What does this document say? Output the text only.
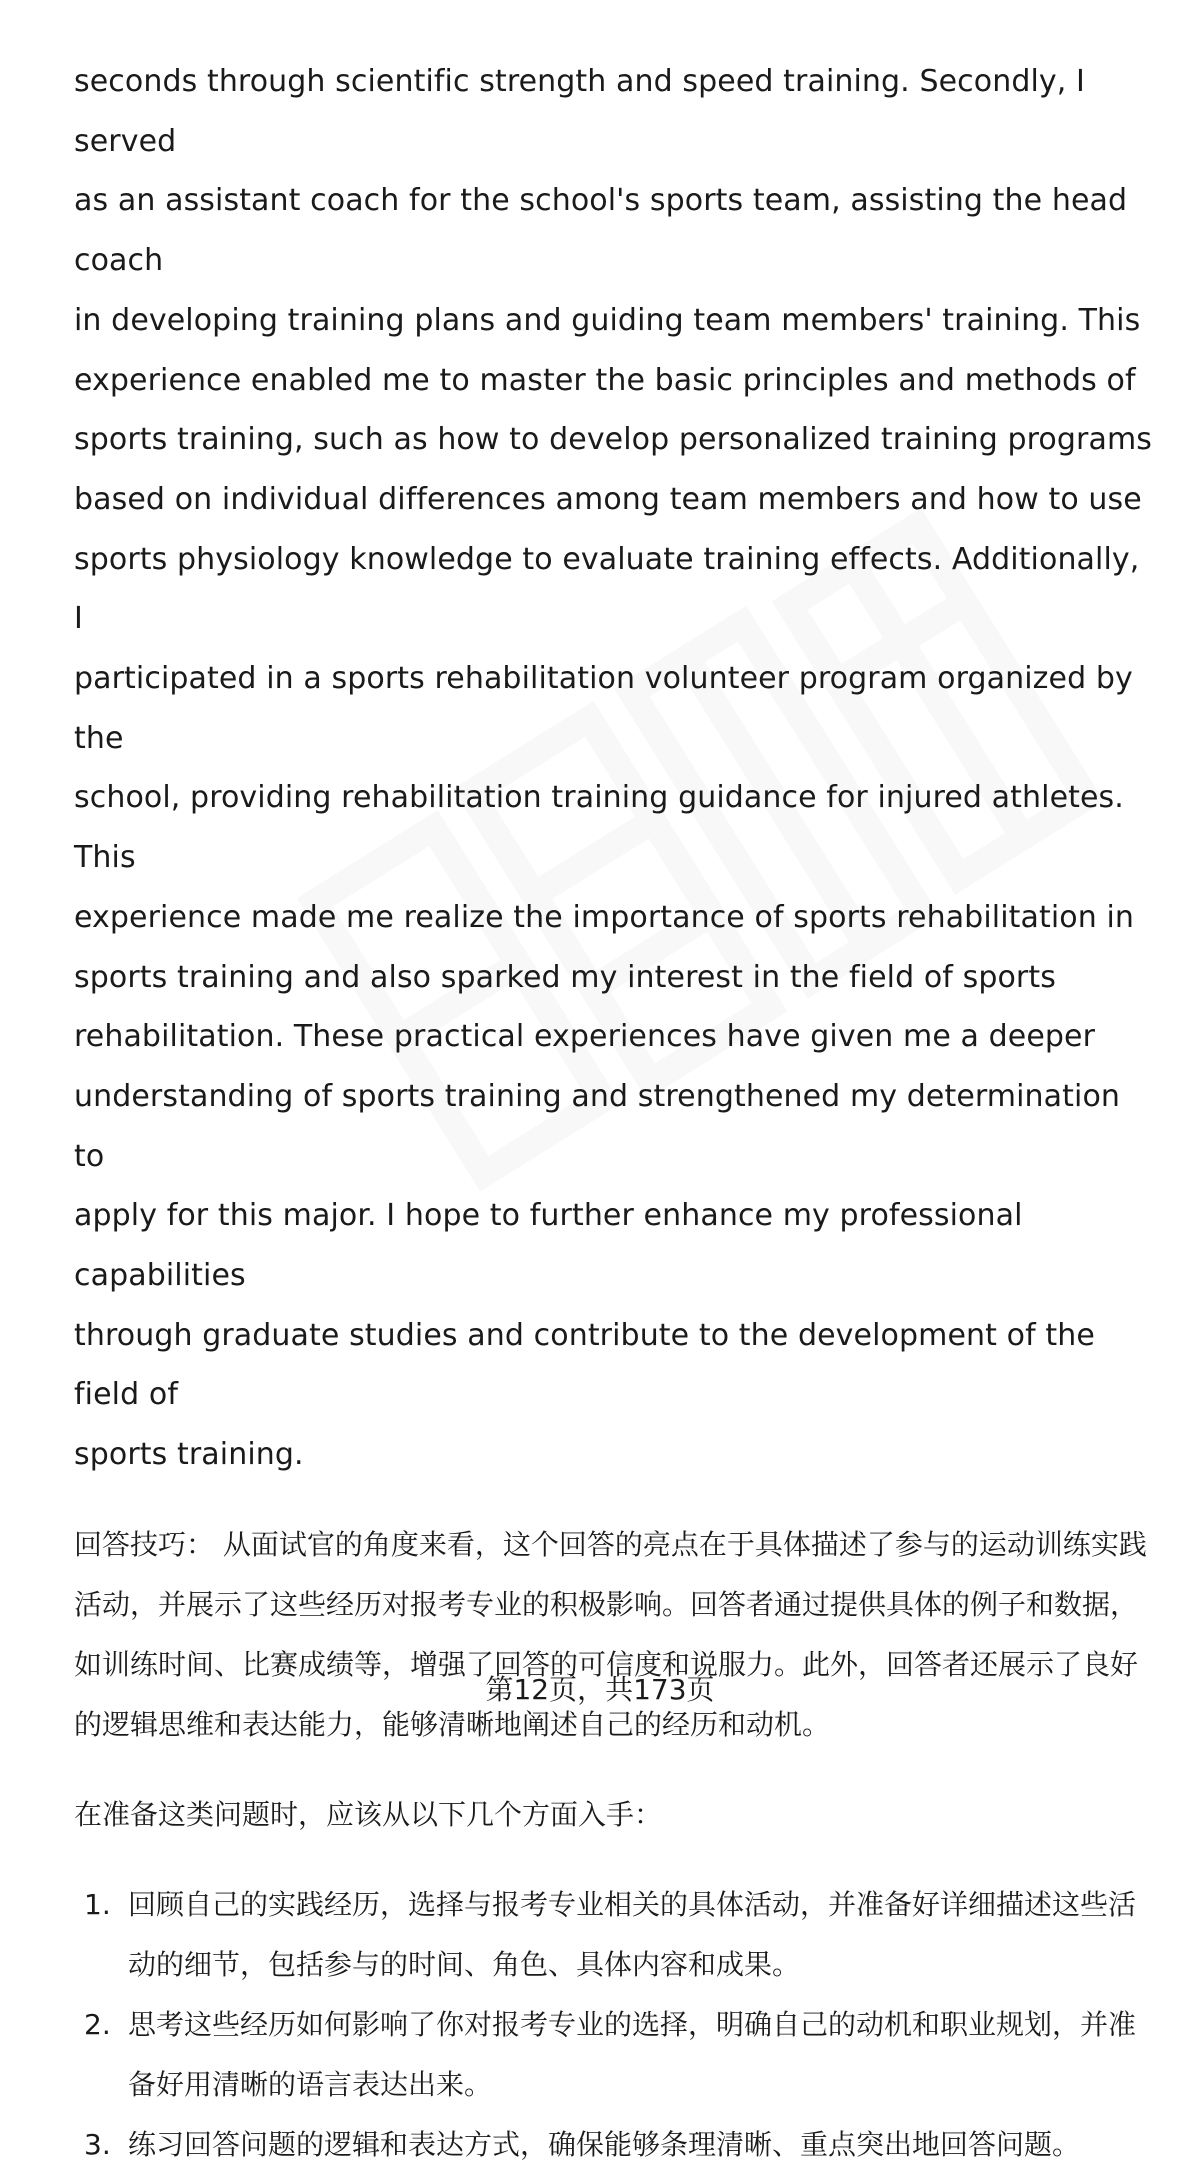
seconds through scientific strength and speed training. Secondly, I served
as an assistant coach for the school's sports team, assisting the head coach
in developing training plans and guiding team members' training. This
experience enabled me to master the basic principles and methods of
sports training, such as how to develop personalized training programs
based on individual differences among team members and how to use
sports physiology knowledge to evaluate training effects. Additionally, I
participated in a sports rehabilitation volunteer program organized by the
school, providing rehabilitation training guidance for injured athletes. This
experience made me realize the importance of sports rehabilitation in
sports training and also sparked my interest in the field of sports
rehabilitation. These practical experiences have given me a deeper
understanding of sports training and strengthened my determination to
apply for this major. I hope to further enhance my professional capabilities
through graduate studies and contribute to the development of the field of
sports training.

回答技巧： 从面试官的角度来看，这个回答的亮点在于具体描述了参与的运动训练实践活动，并展示了这些经历对报考专业的积极影响。回答者通过提供具体的例子和数据，如训练时间、比赛成绩等，增强了回答的可信度和说服力。此外，回答者还展示了良好的逻辑思维和表达能力，能够清晰地阐述自己的经历和动机。

在准备这类问题时，应该从以下几个方面入手：

1. 回顾自己的实践经历，选择与报考专业相关的具体活动，并准备好详细描述这些活动的细节，包括参与的时间、角色、具体内容和成果。
2. 思考这些经历如何影响了你对报考专业的选择，明确自己的动机和职业规划，并准备好用清晰的语言表达出来。
3. 练习回答问题的逻辑和表达方式，确保能够条理清晰、重点突出地回答问题。
第12页，共173页
